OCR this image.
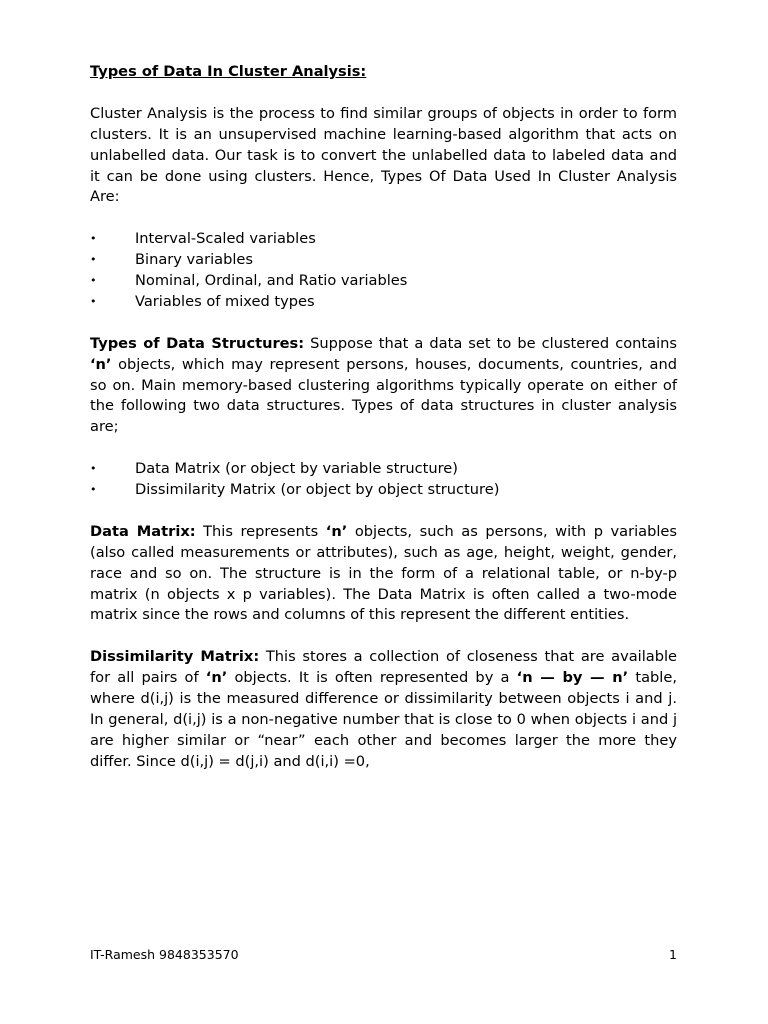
Types of Data In Cluster Analysis:

Cluster Analysis is the process to find similar groups of objects in order to form clusters. It is an unsupervised machine learning-based algorithm that acts on unlabelled data. Our task is to convert the unlabelled data to labeled data and it can be done using clusters. Hence, Types Of Data Used In Cluster Analysis Are:

•	Interval-Scaled variables
•	Binary variables
•	Nominal, Ordinal, and Ratio variables
•	Variables of mixed types

Types of Data Structures: Suppose that a data set to be clustered contains ‘n’ objects, which may represent persons, houses, documents, countries, and so on. Main memory-based clustering algorithms typically operate on either of the following two data structures. Types of data structures in cluster analysis are;

•	Data Matrix (or object by variable structure)
•	Dissimilarity Matrix (or object by object structure)

Data Matrix: This represents ‘n’ objects, such as persons, with p variables (also called measurements or attributes), such as age, height, weight, gender, race and so on. The structure is in the form of a relational table, or n-by-p matrix (n objects x p variables). The Data Matrix is often called a two-mode matrix since the rows and columns of this represent the different entities.

Dissimilarity Matrix: This stores a collection of closeness that are available for all pairs of ‘n’ objects. It is often represented by a ‘n — by — n’ table, where d(i,j) is the measured difference or dissimilarity between objects i and j. In general, d(i,j) is a non-negative number that is close to 0 when objects i and j are higher similar or “near” each other and becomes larger the more they differ. Since d(i,j) = d(j,i) and d(i,i) =0,

IT-Ramesh 9848353570	1
